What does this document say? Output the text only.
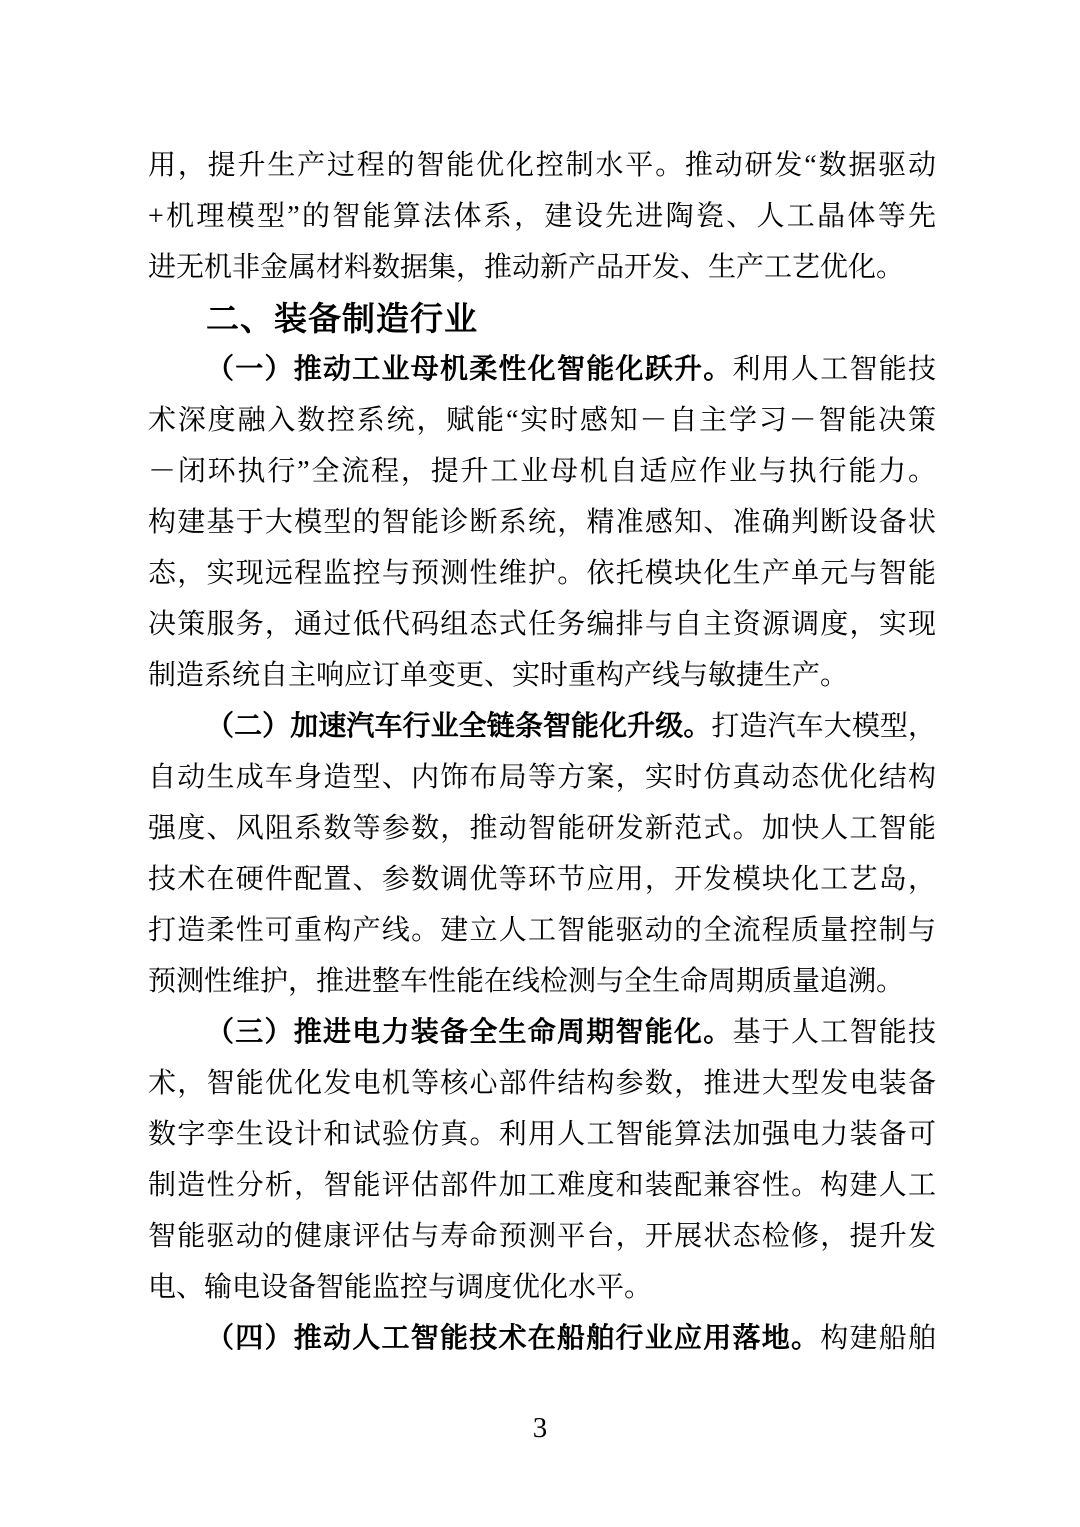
用，提升生产过程的智能优化控制水平。推动研发“数据驱动
+机理模型”的智能算法体系，建设先进陶瓷、人工晶体等先
进无机非金属材料数据集，推动新产品开发、生产工艺优化。
二、装备制造行业
（一）推动工业母机柔性化智能化跃升。利用人工智能技
术深度融入数控系统，赋能“实时感知－自主学习－智能决策
－闭环执行”全流程，提升工业母机自适应作业与执行能力。
构建基于大模型的智能诊断系统，精准感知、准确判断设备状
态，实现远程监控与预测性维护。依托模块化生产单元与智能
决策服务，通过低代码组态式任务编排与自主资源调度，实现
制造系统自主响应订单变更、实时重构产线与敏捷生产。
（二）加速汽车行业全链条智能化升级。打造汽车大模型，
自动生成车身造型、内饰布局等方案，实时仿真动态优化结构
强度、风阻系数等参数，推动智能研发新范式。加快人工智能
技术在硬件配置、参数调优等环节应用，开发模块化工艺岛，
打造柔性可重构产线。建立人工智能驱动的全流程质量控制与
预测性维护，推进整车性能在线检测与全生命周期质量追溯。
（三）推进电力装备全生命周期智能化。基于人工智能技
术，智能优化发电机等核心部件结构参数，推进大型发电装备
数字孪生设计和试验仿真。利用人工智能算法加强电力装备可
制造性分析，智能评估部件加工难度和装配兼容性。构建人工
智能驱动的健康评估与寿命预测平台，开展状态检修，提升发
电、输电设备智能监控与调度优化水平。
（四）推动人工智能技术在船舶行业应用落地。构建船舶
3
